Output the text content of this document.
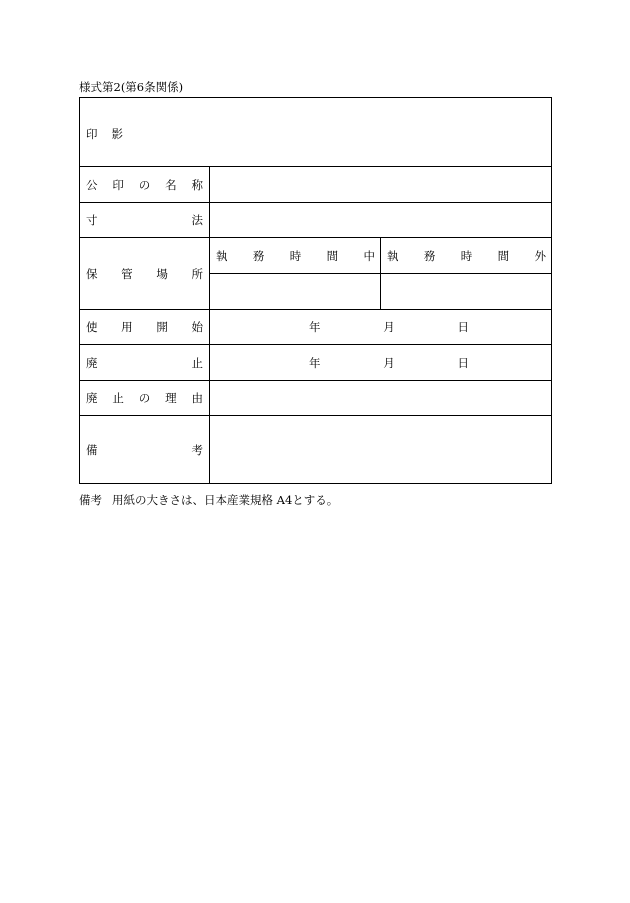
様式第2(第6条関係)
印 影		

公 印 の 名 称		

寸 法		

保 管 場 所	執 務 時 間 中	執 務 時 間 外

使 用 開 始	年 月 日	

廃 止	年 月 日	

廃 止 の 理 由		

備 考		

備考 用紙の大きさは、日本産業規格 A4とする。
